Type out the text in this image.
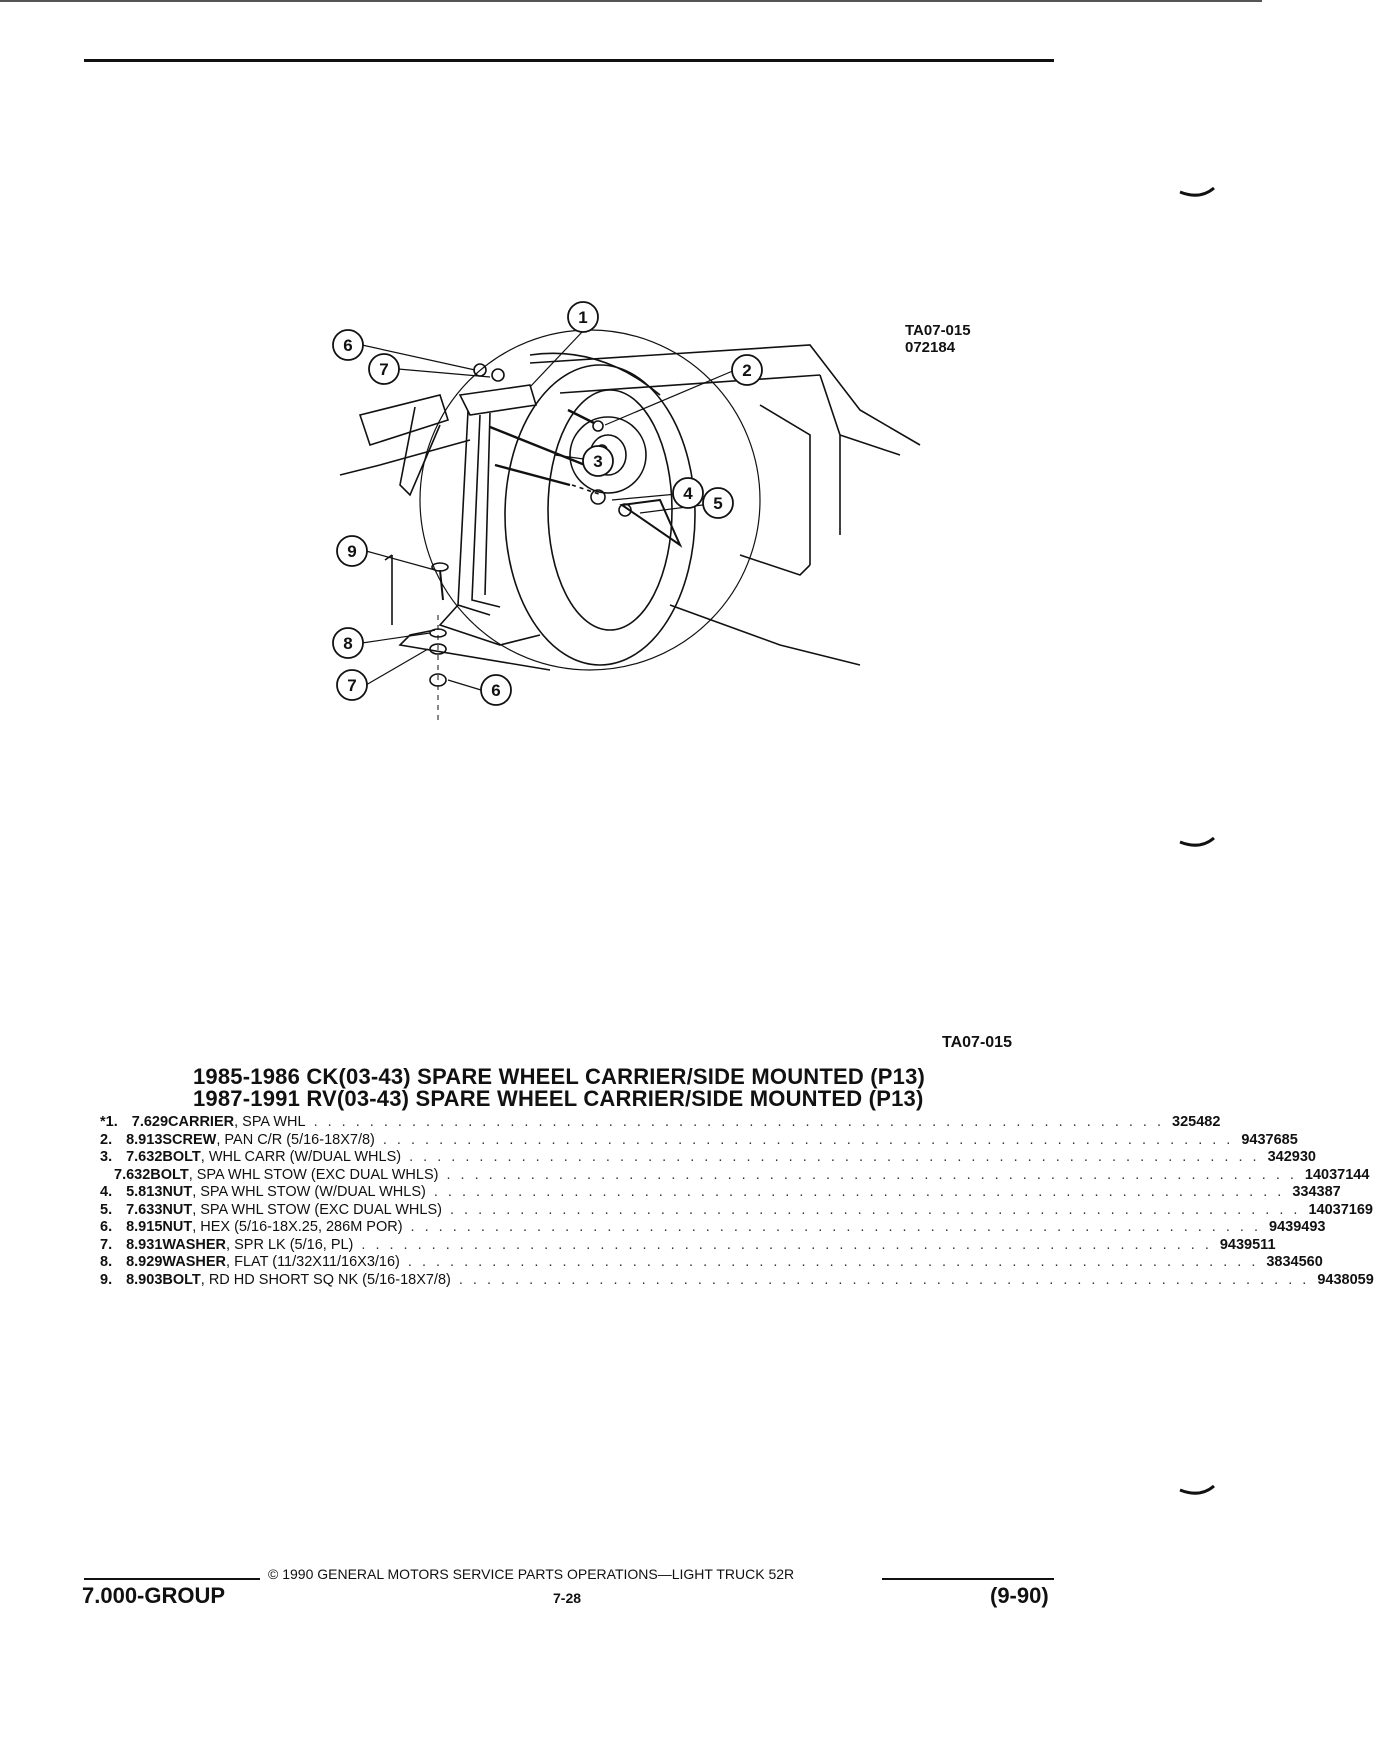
TA07-015
072184
1
2
3
4
5
6
7
9
8
7	6
TA07-015
1985-1986 CK(03-43) SPARE WHEEL CARRIER/SIDE MOUNTED (P13)
1987-1991 RV(03-43) SPARE WHEEL CARRIER/SIDE MOUNTED (P13)
* 1. 7.629 CARRIER , SPA WHL . . . . . . . . . . . . . . . . . . . . . . . . . . . . . . . . . . . . . . . . . . . . . . . . . . . . . . . . . . . . . 325482
2. 8.913 SCREW , PAN C/R (5/16-18X7/8) . . . . . . . . . . . . . . . . . . . . . . . . . . . . . . . . . . . . . . . . . . . . . . . . . . . . . . . . . . . . . 9437685
3. 7.632 BOLT , WHL CARR (W/DUAL WHLS) . . . . . . . . . . . . . . . . . . . . . . . . . . . . . . . . . . . . . . . . . . . . . . . . . . . . . . . . . . . . . 342930
7.632 BOLT , SPA WHL STOW (EXC DUAL WHLS) . . . . . . . . . . . . . . . . . . . . . . . . . . . . . . . . . . . . . . . . . . . . . . . . . . . . . . . . . . . . . 14037144
4. 5.813 NUT , SPA WHL STOW (W/DUAL WHLS) . . . . . . . . . . . . . . . . . . . . . . . . . . . . . . . . . . . . . . . . . . . . . . . . . . . . . . . . . . . . . 334387
5. 7.633 NUT , SPA WHL STOW (EXC DUAL WHLS) . . . . . . . . . . . . . . . . . . . . . . . . . . . . . . . . . . . . . . . . . . . . . . . . . . . . . . . . . . . . . 14037169
6. 8.915 NUT , HEX (5/16-18X.25, 286M POR) . . . . . . . . . . . . . . . . . . . . . . . . . . . . . . . . . . . . . . . . . . . . . . . . . . . . . . . . . . . . . 9439493
7. 8.931 WASHER , SPR LK (5/16, PL) . . . . . . . . . . . . . . . . . . . . . . . . . . . . . . . . . . . . . . . . . . . . . . . . . . . . . . . . . . . . . 9439511
8. 8.929 WASHER , FLAT (11/32X11/16X3/16) . . . . . . . . . . . . . . . . . . . . . . . . . . . . . . . . . . . . . . . . . . . . . . . . . . . . . . . . . . . . . 3834560
9. 8.903 BOLT , RD HD SHORT SQ NK (5/16-18X7/8) . . . . . . . . . . . . . . . . . . . . . . . . . . . . . . . . . . . . . . . . . . . . . . . . . . . . . . . . . . . . . 9438059
© 1990 GENERAL MOTORS SERVICE PARTS OPERATIONS—LIGHT TRUCK 52R
7.000-GROUP	7-28	(9-90)
